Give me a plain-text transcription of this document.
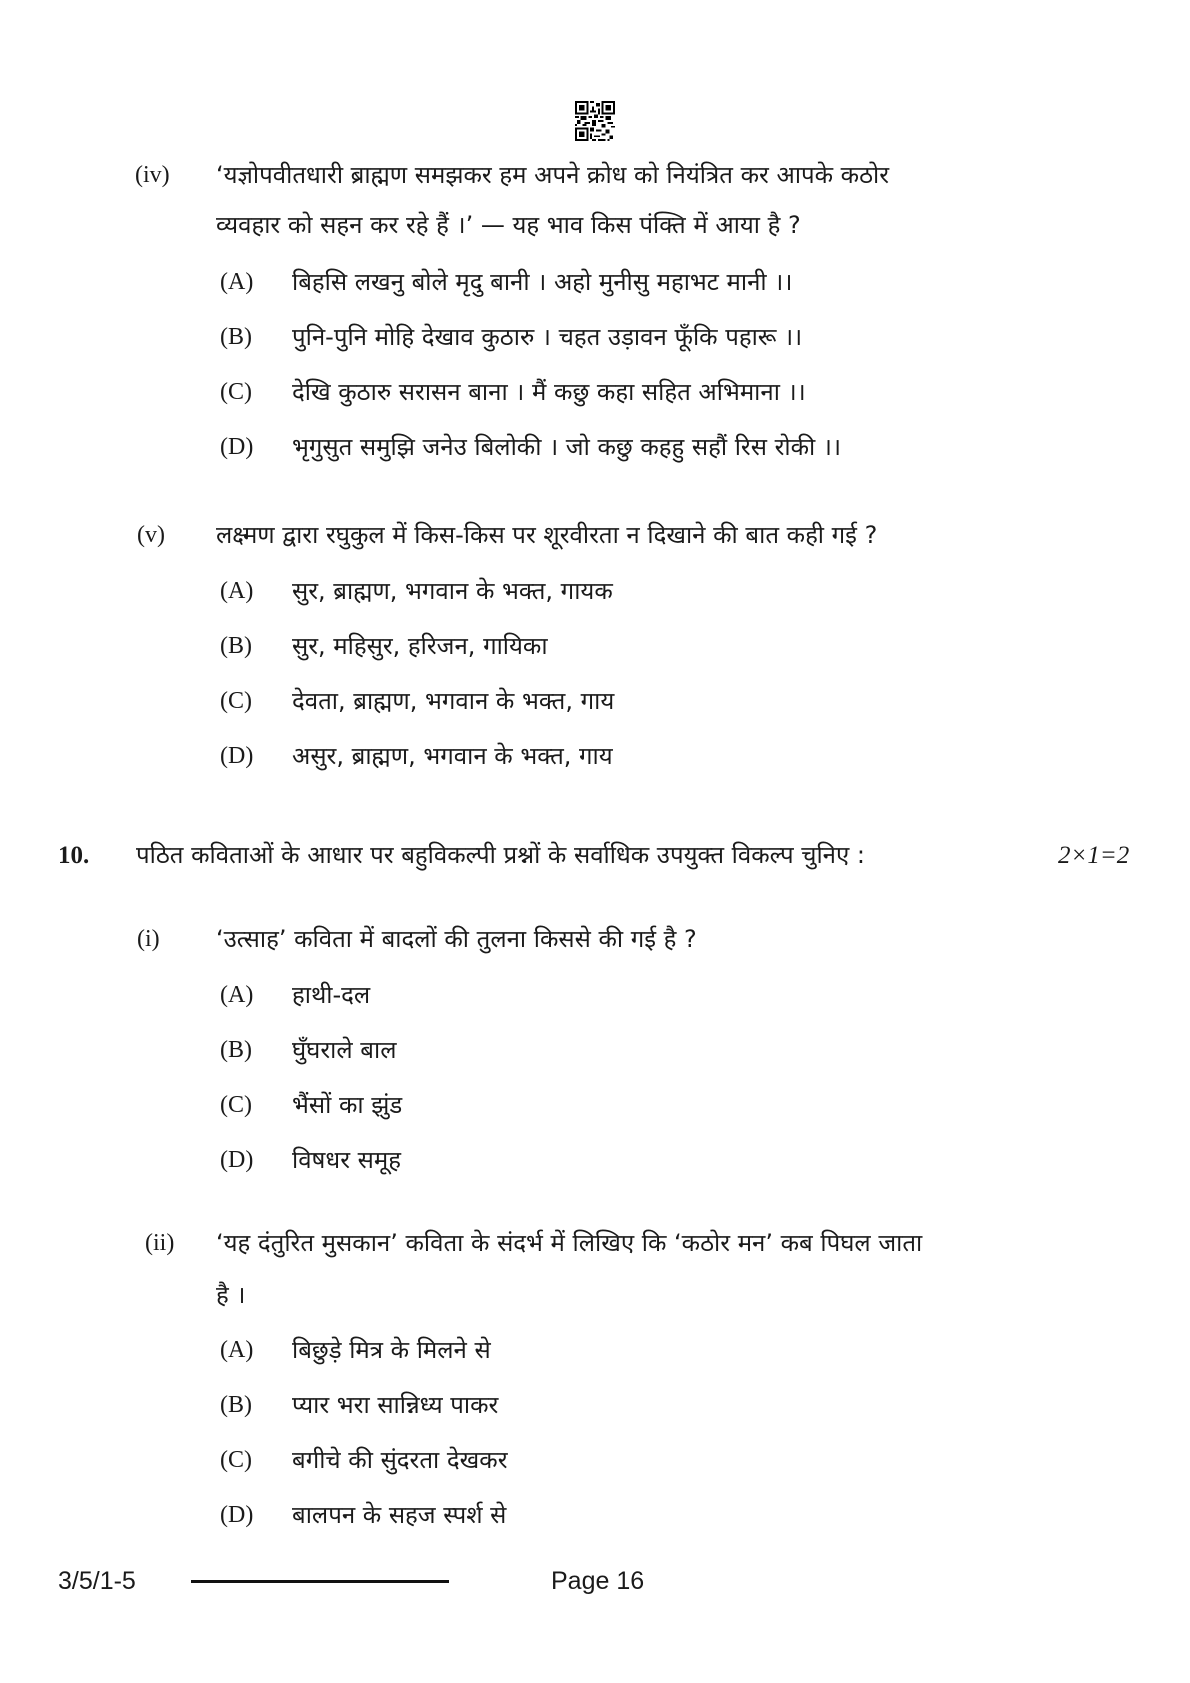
(iv) ‘यज्ञोपवीतधारी ब्राह्मण समझकर हम अपने क्रोध को नियंत्रित कर आपके कठोर
व्यवहार को सहन कर रहे हैं ।’ — यह भाव किस पंक्ति में आया है ?
(A) बिहसि लखनु बोले मृदु बानी । अहो मुनीसु महाभट मानी ।।
(B) पुनि-पुनि मोहि देखाव कुठारु । चहत उड़ावन फूँकि पहारू ।।
(C) देखि कुठारु सरासन बाना । मैं कछु कहा सहित अभिमाना ।।
(D) भृगुसुत समुझि जनेउ बिलोकी । जो कछु कहहु सहौं रिस रोकी ।।
(v) लक्ष्मण द्वारा रघुकुल में किस-किस पर शूरवीरता न दिखाने की बात कही गई ?
(A) सुर, ब्राह्मण, भगवान के भक्त, गायक
(B) सुर, महिसुर, हरिजन, गायिका
(C) देवता, ब्राह्मण, भगवान के भक्त, गाय
(D) असुर, ब्राह्मण, भगवान के भक्त, गाय
10. पठित कविताओं के आधार पर बहुविकल्पी प्रश्नों के सर्वाधिक उपयुक्त विकल्प चुनिए :	2×1=2
(i) ‘उत्साह’ कविता में बादलों की तुलना किससे की गई है ?
(A) हाथी-दल
(B) घुँघराले बाल
(C) भैंसों का झुंड
(D) विषधर समूह
(ii) ‘यह दंतुरित मुसकान’ कविता के संदर्भ में लिखिए कि ‘कठोर मन’ कब पिघल जाता
है ।
(A) बिछुड़े मित्र के मिलने से
(B) प्यार भरा सान्निध्य पाकर
(C) बगीचे की सुंदरता देखकर
(D) बालपन के सहज स्पर्श से
3/5/1-5	Page 16
